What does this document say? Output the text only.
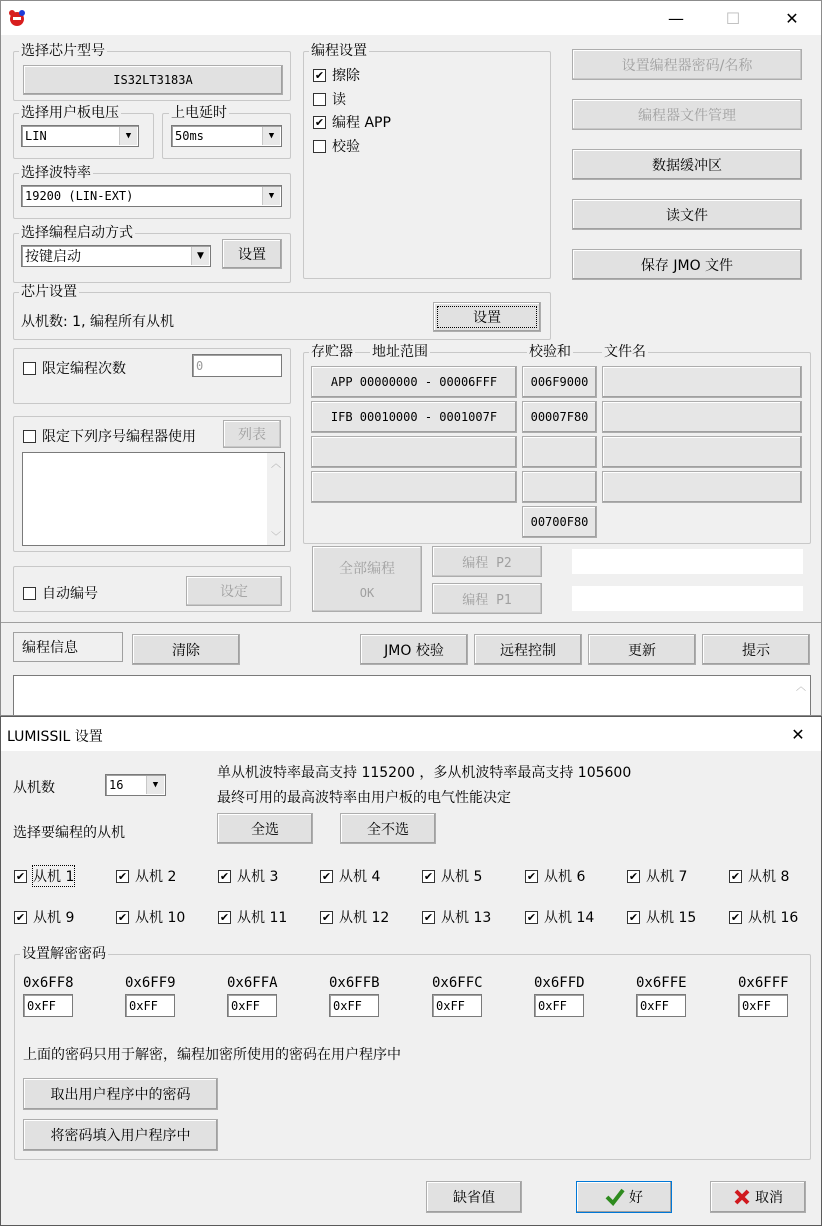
—	☐	✕
选择芯片型号
IS32LT3183A
选择用户板电压
LIN	▼
上电延时
50ms	▼
选择波特率
19200 (LIN-EXT)	▼
选择编程启动方式
按键启动	▼	设置
编程设置
✔ 擦除
读
✔ 编程 APP
校验
设置编程器密码/名称
编程器文件管理
数据缓冲区
读文件
保存 JMO 文件
芯片设置
从机数: 1, 编程所有从机	设置
限定编程次数	0
限定下列序号编程器使用	列表
︿
﹀
自动编号	设定
存贮器 地址范围	校验和 文件名
APP 00000000 - 00006FFF	006F9000
IFB 00010000 - 0001007F	00007F80
00700F80
全部编程
OK
编程 P2
编程 P1
编程信息	清除	JMO 校验	远程控制	更新	提示
︿
LUMISSIL 设置	✕
从机数	16	▼
单从机波特率最高支持 115200 ，多从机波特率最高支持 105600
最终可用的最高波特率由用户板的电气性能决定
选择要编程的从机	全选	全不选
✔ 从机 1	✔ 从机 2	✔ 从机 3	✔ 从机 4	✔ 从机 5	✔ 从机 6	✔ 从机 7	✔ 从机 8
✔ 从机 9	✔ 从机 10	✔ 从机 11	✔ 从机 12	✔ 从机 13	✔ 从机 14	✔ 从机 15	✔ 从机 16
设置解密密码
0x6FF8	0x6FF9	0x6FFA	0x6FFB	0x6FFC	0x6FFD	0x6FFE	0x6FFF
0xFF	0xFF	0xFF	0xFF	0xFF	0xFF	0xFF	0xFF
上面的密码只用于解密，编程加密所使用的密码在用户程序中
取出用户程序中的密码
将密码填入用户程序中
缺省值	好	取消
